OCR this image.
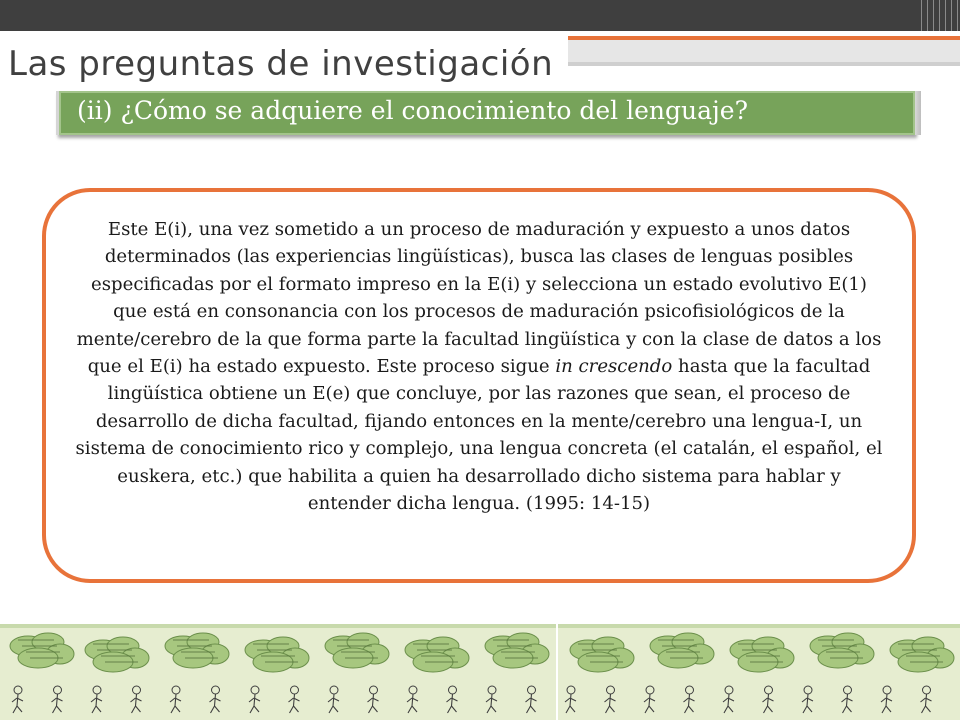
Las preguntas de investigación
(ii) ¿Cómo se adquiere el conocimiento del lenguaje?
Este E(i), una vez sometido a un proceso de maduración y expuesto a unos datos determinados (las experiencias lingüísticas), busca las clases de lenguas posibles especificadas por el formato impreso en la E(i) y selecciona un estado evolutivo E(1) que está en consonancia con los procesos de maduración psicofisiológicos de la mente/cerebro de la que forma parte la facultad lingüística y con la clase de datos a los que el E(i) ha estado expuesto. Este proceso sigue in crescendo hasta que la facultad lingüística obtiene un E(e) que concluye, por las razones que sean, el proceso de desarrollo de dicha facultad, fijando entonces en la mente/cerebro una lengua-I, un sistema de conocimiento rico y complejo, una lengua concreta (el catalán, el español, el euskera, etc.) que habilita a quien ha desarrollado dicho sistema para hablar y entender dicha lengua. (1995: 14-15)
